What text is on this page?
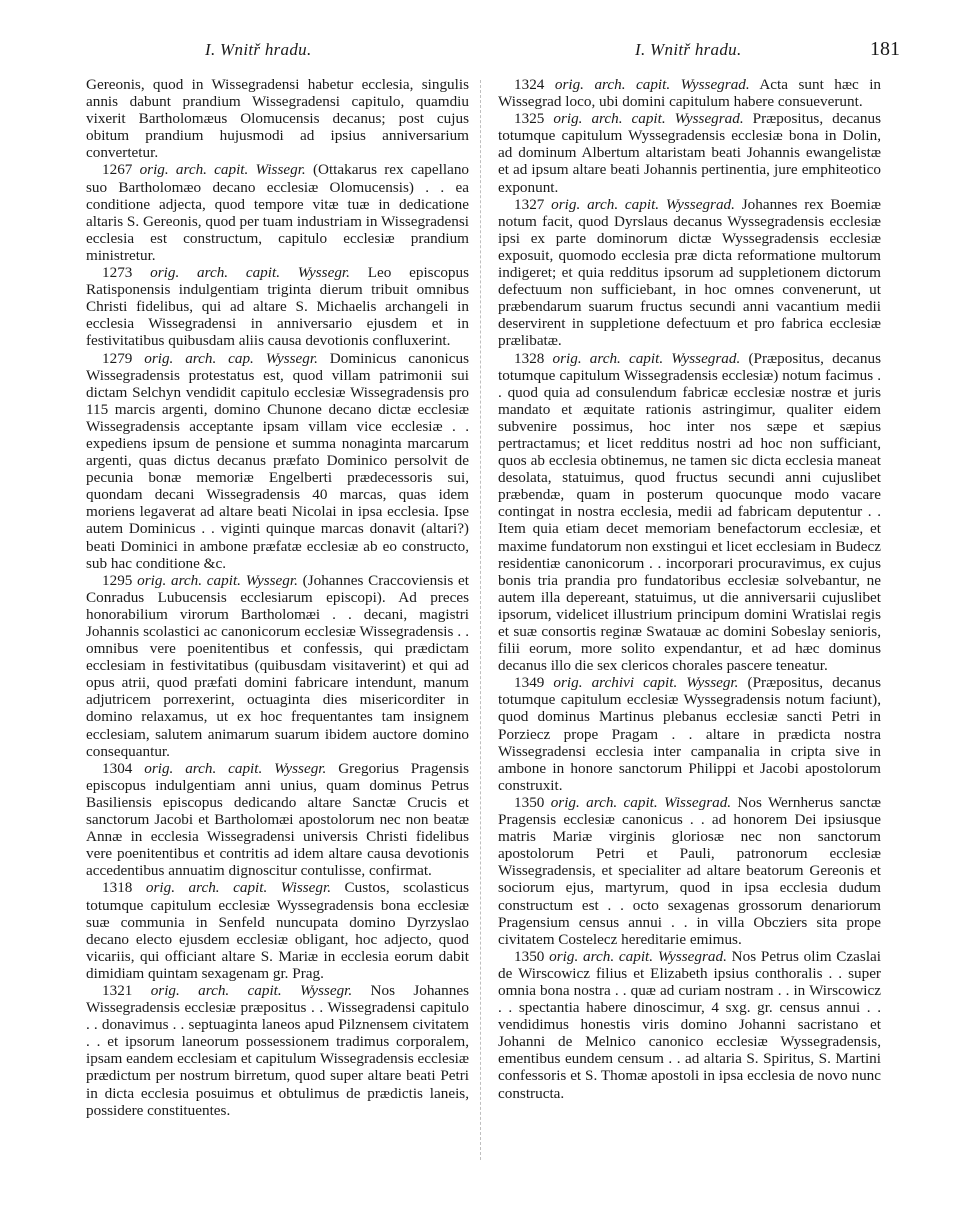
I. Wnitř hradu.	I. Wnitř hradu.	181

Gereonis, quod in Wissegradensi habetur ecclesia, singulis annis dabunt prandium Wissegradensi capitulo, quamdiu vixerit Bartholomæus Olomucensis decanus; post cujus obitum prandium hujusmodi ad ipsius anniversarium convertetur.

1267 orig. arch. capit. Wissegr. (Ottakarus rex capellano suo Bartholomæo decano ecclesiæ Olomucensis) . . ea conditione adjecta, quod tempore vitæ tuæ in dedicatione altaris S. Gereonis, quod per tuam industriam in Wissegradensi ecclesia est constructum, capitulo ecclesiæ prandium ministretur.

1273 orig. arch. capit. Wyssegr. Leo episcopus Ratisponensis indulgentiam triginta dierum tribuit omnibus Christi fidelibus, qui ad altare S. Michaelis archangeli in ecclesia Wissegradensi in anniversario ejusdem et in festivitatibus quibusdam aliis causa devotionis confluxerint.

1279 orig. arch. cap. Wyssegr. Dominicus canonicus Wissegradensis protestatus est, quod villam patrimonii sui dictam Selchyn vendidit capitulo ecclesiæ Wissegradensis pro 115 marcis argenti, domino Chunone decano dictæ ecclesiæ Wissegradensis acceptante ipsam villam vice ecclesiæ . . expediens ipsum de pensione et summa nonaginta marcarum argenti, quas dictus decanus præfato Dominico persolvit de pecunia bonæ memoriæ Engelberti prædecessoris sui, quondam decani Wissegradensis 40 marcas, quas idem moriens legaverat ad altare beati Nicolai in ipsa ecclesia. Ipse autem Dominicus . . viginti quinque marcas donavit (altari?) beati Dominici in ambone præfatæ ecclesiæ ab eo constructo, sub hac conditione &c.

1295 orig. arch. capit. Wyssegr. (Johannes Craccoviensis et Conradus Lubucensis ecclesiarum episcopi). Ad preces honorabilium virorum Bartholomæi . . decani, magistri Johannis scolastici ac canonicorum ecclesiæ Wissegradensis . . omnibus vere poenitentibus et confessis, qui prædictam ecclesiam in festivitatibus (quibusdam visitaverint) et qui ad opus atrii, quod præfati domini fabricare intendunt, manum adjutricem porrexerint, octuaginta dies misericorditer in domino relaxamus, ut ex hoc frequentantes tam insignem ecclesiam, salutem animarum suarum ibidem auctore domino consequantur.

1304 orig. arch. capit. Wyssegr. Gregorius Pragensis episcopus indulgentiam anni unius, quam dominus Petrus Basiliensis episcopus dedicando altare Sanctæ Crucis et sanctorum Jacobi et Bartholomæi apostolorum nec non beatæ Annæ in ecclesia Wissegradensi universis Christi fidelibus vere poenitentibus et contritis ad idem altare causa devotionis accedentibus annuatim dignoscitur contulisse, confirmat.

1318 orig. arch. capit. Wissegr. Custos, scolasticus totumque capitulum ecclesiæ Wyssegradensis bona ecclesiæ suæ communia in Senfeld nuncupata domino Dyrzyslao decano electo ejusdem ecclesiæ obligant, hoc adjecto, quod vicariis, qui officiant altare S. Mariæ in ecclesia eorum dabit dimidiam quintam sexagenam gr. Prag.

1321 orig. arch. capit. Wyssegr. Nos Johannes Wissegradensis ecclesiæ præpositus . . Wissegradensi capitulo . . donavimus . . septuaginta laneos apud Pilznensem civitatem . . et ipsorum laneorum possessionem tradimus corporalem, ipsam eandem ecclesiam et capitulum Wissegradensis ecclesiæ prædictum per nostrum birretum, quod super altare beati Petri in dicta ecclesia posuimus et obtulimus de prædictis laneis, possidere constituentes.

1324 orig. arch. capit. Wyssegrad. Acta sunt hæc in Wissegrad loco, ubi domini capitulum habere consueverunt.

1325 orig. arch. capit. Wyssegrad. Præpositus, decanus totumque capitulum Wyssegradensis ecclesiæ bona in Dolin, ad dominum Albertum altaristam beati Johannis ewangelistæ et ad ipsum altare beati Johannis pertinentia, jure emphiteotico exponunt.

1327 orig. arch. capit. Wyssegrad. Johannes rex Boemiæ notum facit, quod Dyrslaus decanus Wyssegradensis ecclesiæ ipsi ex parte dominorum dictæ Wyssegradensis ecclesiæ exposuit, quomodo ecclesia præ dicta reformatione multorum indigeret; et quia redditus ipsorum ad suppletionem dictorum defectuum non sufficiebant, in hoc omnes convenerunt, ut præbendarum suarum fructus secundi anni vacantium medii deservirent in suppletione defectuum et pro fabrica ecclesiæ prælibatæ.

1328 orig. arch. capit. Wyssegrad. (Præpositus, decanus totumque capitulum Wissegradensis ecclesiæ) notum facimus . . quod quia ad consulendum fabricæ ecclesiæ nostræ et juris mandato et æquitate rationis astringimur, qualiter eidem subvenire possimus, hoc inter nos sæpe et sæpius pertractamus; et licet redditus nostri ad hoc non sufficiant, quos ab ecclesia obtinemus, ne tamen sic dicta ecclesia maneat desolata, statuimus, quod fructus secundi anni cujuslibet præbendæ, quam in posterum quocunque modo vacare contingat in nostra ecclesia, medii ad fabricam deputentur . . Item quia etiam decet memoriam benefactorum ecclesiæ, et maxime fundatorum non exstingui et licet ecclesiam in Budecz residentiæ canonicorum . . incorporari procuravimus, ex cujus bonis tria prandia pro fundatoribus ecclesiæ solvebantur, ne autem illa depereant, statuimus, ut die anniversarii cujuslibet ipsorum, videlicet illustrium principum domini Wratislai regis et suæ consortis reginæ Swatauæ ac domini Sobeslay senioris, filii eorum, more solito expendantur, et ad hæc dominus decanus illo die sex clericos chorales pascere teneatur.

1349 orig. archivi capit. Wyssegr. (Præpositus, decanus totumque capitulum ecclesiæ Wyssegradensis notum faciunt), quod dominus Martinus plebanus ecclesiæ sancti Petri in Porziecz prope Pragam . . altare in prædicta nostra Wissegradensi ecclesia inter campanalia in cripta sive in ambone in honore sanctorum Philippi et Jacobi apostolorum construxit.

1350 orig. arch. capit. Wissegrad. Nos Wernherus sanctæ Pragensis ecclesiæ canonicus . . ad honorem Dei ipsiusque matris Mariæ virginis gloriosæ nec non sanctorum apostolorum Petri et Pauli, patronorum ecclesiæ Wissegradensis, et specialiter ad altare beatorum Gereonis et sociorum ejus, martyrum, quod in ipsa ecclesia dudum constructum est . . octo sexagenas grossorum denariorum Pragensium census annui . . in villa Obcziers sita prope civitatem Costelecz hereditarie emimus.

1350 orig. arch. capit. Wyssegrad. Nos Petrus olim Czaslai de Wirscowicz filius et Elizabeth ipsius conthoralis . . super omnia bona nostra . . quæ ad curiam nostram . . in Wirscowicz . . spectantia habere dinoscimur, 4 sxg. gr. census annui . . vendidimus honestis viris domino Johanni sacristano et Johanni de Melnico canonico ecclesiæ Wyssegradensis, ementibus eundem censum . . ad altaria S. Spiritus, S. Martini confessoris et S. Thomæ apostoli in ipsa ecclesia de novo nunc constructa.
